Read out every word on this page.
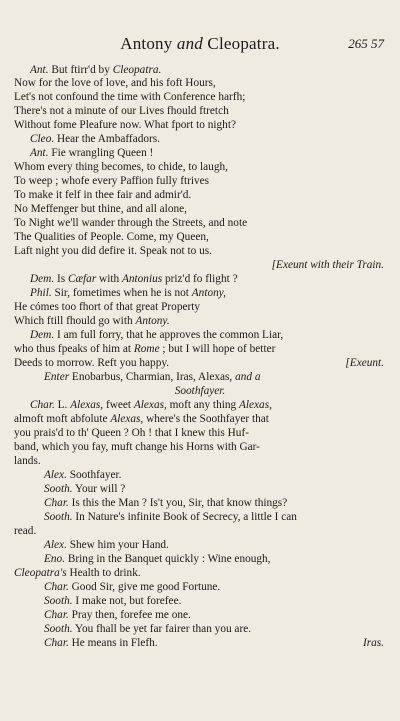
Antony and Cleopatra.	265 57
Ant. But ftirr'd by Cleopatra.
Now for the love of love, and his foft Hours,
Let's not confound the time with Conference harfh;
There's not a minute of our Lives fhould ftretch
Without fome Pleafure now. What fport to night?
Cleo. Hear the Ambaffadors.
Ant. Fie wrangling Queen !
Whom every thing becomes, to chide, to laugh,
To weep ; whofe every Paffion fully ftrives
To make it felf in thee fair and admir'd.
No Meffenger but thine, and all alone,
To Night we'll wander through the Streets, and note
The Qualities of People. Come, my Queen,
Laft night you did defire it. Speak not to us.
[Exeunt with their Train.
Dem. Is Cæfar with Antonius priz'd fo flight ?
Phil. Sir, fometimes when he is not Antony,
He cómes too fhort of that great Property
Which ftill fhould go with Antony.
Dem. I am full forry, that he approves the common Liar,
who thus fpeaks of him at Rome ; but I will hope of better
Deeds to morrow. Reft you happy.	[Exeunt.
Enter Enobarbus, Charmian, Iras, Alexas, and a
Soothfayer.
Char. L. Alexas, fweet Alexas, moft any thing Alexas,
almoft moft abfolute Alexas, where's the Soothfayer that
you prais'd to th' Queen ? Oh ! that I knew this Huf-
band, which you fay, muft change his Horns with Gar-
lands.
Alex. Soothfayer.
Sooth. Your will ?
Char. Is this the Man ? Is't you, Sir, that know things?
Sooth. In Nature's infinite Book of Secrecy, a little I can
read.
Alex. Shew him your Hand.
Eno. Bring in the Banquet quickly : Wine enough,
Cleopatra's Health to drink.
Char. Good Sir, give me good Fortune.
Sooth. I make not, but forefee.
Char. Pray then, forefee me one.
Sooth. You fhall be yet far fairer than you are.
Char. He means in Flefh.	Iras.
